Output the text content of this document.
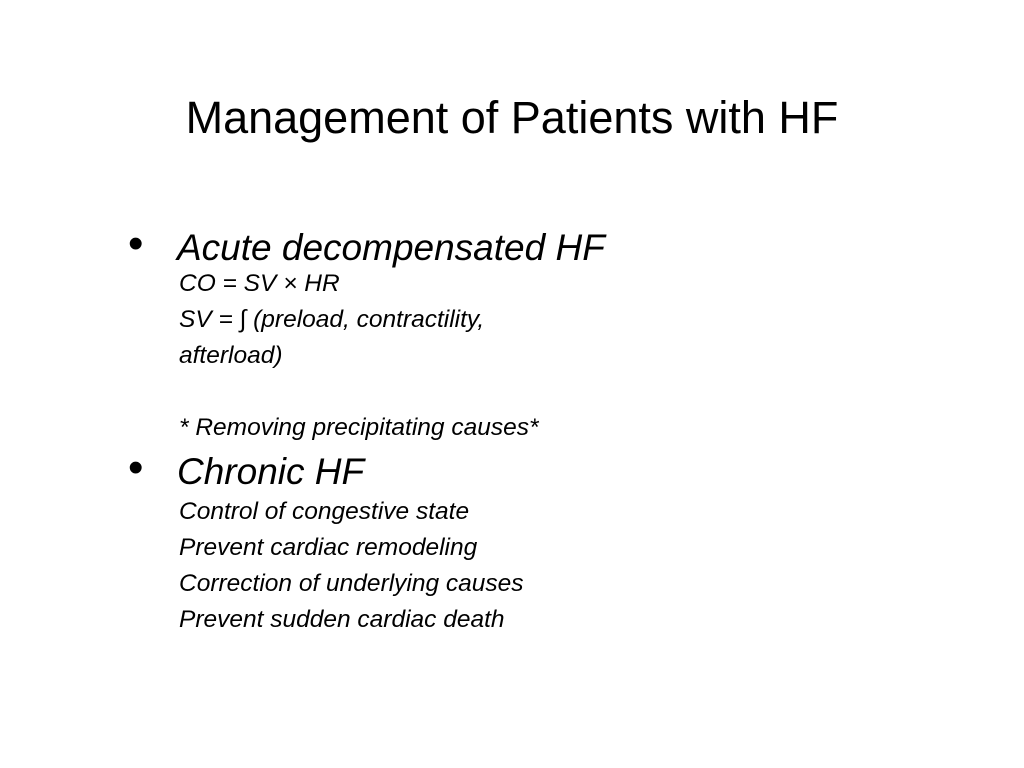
Management of Patients with HF
• Acute decompensated HF
CO = SV × HR
SV = ∫ (preload, contractility,
afterload)
* Removing precipitating causes*
• Chronic HF
Control of congestive state
Prevent cardiac remodeling
Correction of underlying causes
Prevent sudden cardiac death
